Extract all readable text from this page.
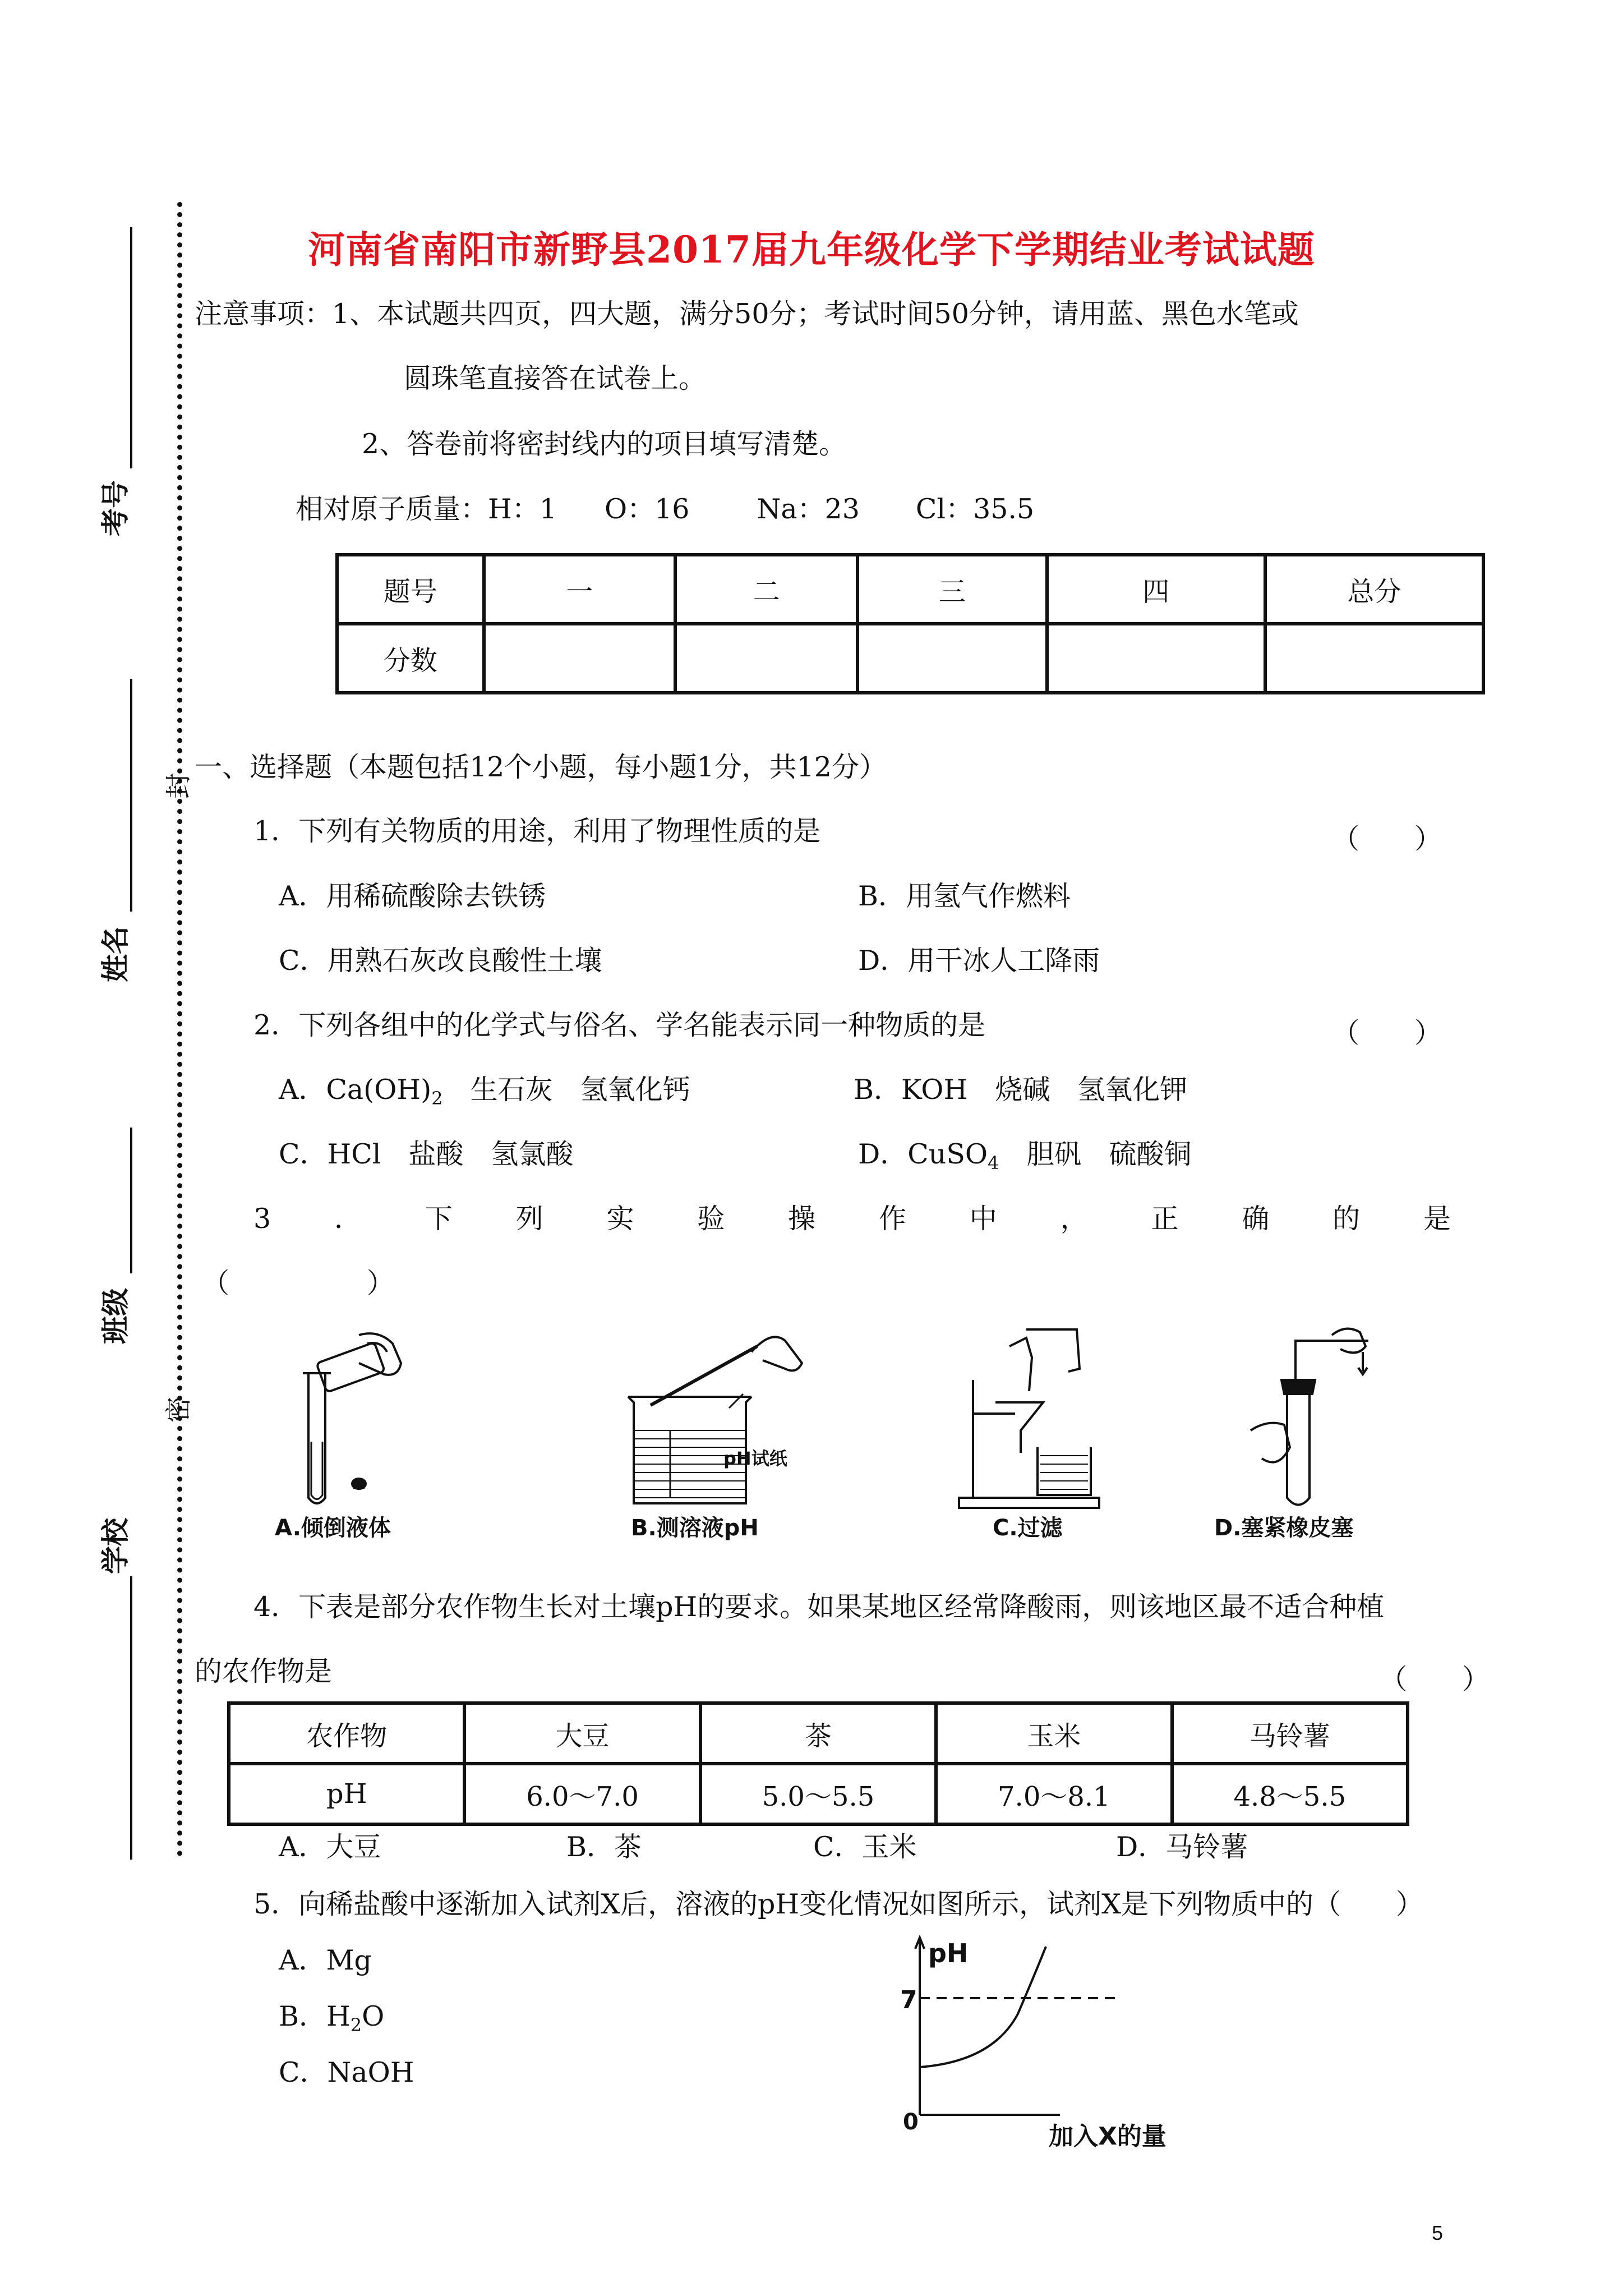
河南省南阳市新野县2017届九年级化学下学期结业考试试题
考号
姓名
班级
学校
封
密
注意事项：1、本试题共四页，四大题，满分50分；考试时间50分钟，请用蓝、黑色水笔或
圆珠笔直接答在试卷上。
2、答卷前将密封线内的项目填写清楚。
相对原子质量：H：1 O：16 Na：23 Cl：35.5
题号	一	二	三	四	总分
分数					
一、选择题（本题包括12个小题，每小题1分，共12分）
1．下列有关物质的用途，利用了物理性质的是	（　　）
A．用稀硫酸除去铁锈	B．用氢气作燃料
C．用熟石灰改良酸性土壤	D．用干冰人工降雨
2．下列各组中的化学式与俗名、学名能表示同一种物质的是	（　　）
A．$Ca(OH)_2$　生石灰　氢氧化钙	B．KOH　烧碱　氢氧化钾
C．HCl　盐酸　氢氯酸	D．CuSO$_4$　胆矾　硫酸铜
3 ． 下 列 实 验 操 作 中 ， 正 确 的 是
（　　　　　）
A.倾倒液体
pH试纸
B.测溶液pH	C.过滤	D.塞紧橡皮塞
4．下表是部分农作物生长对土壤pH的要求。如果某地区经常降酸雨，则该地区最不适合种植
的农作物是	（　　）
农作物	大豆	茶	玉米	马铃薯
pH	6.0～7.0	5.0～5.5	7.0～8.1	4.8～5.5
A．大豆	B．茶	C．玉米	D．马铃薯
5．向稀盐酸中逐渐加入试剂X后，溶液的pH变化情况如图所示，试剂X是下列物质中的（　　）
A．Mg
B．$H_2O$
C．NaOH
pH
7
0	加入X的量
5
